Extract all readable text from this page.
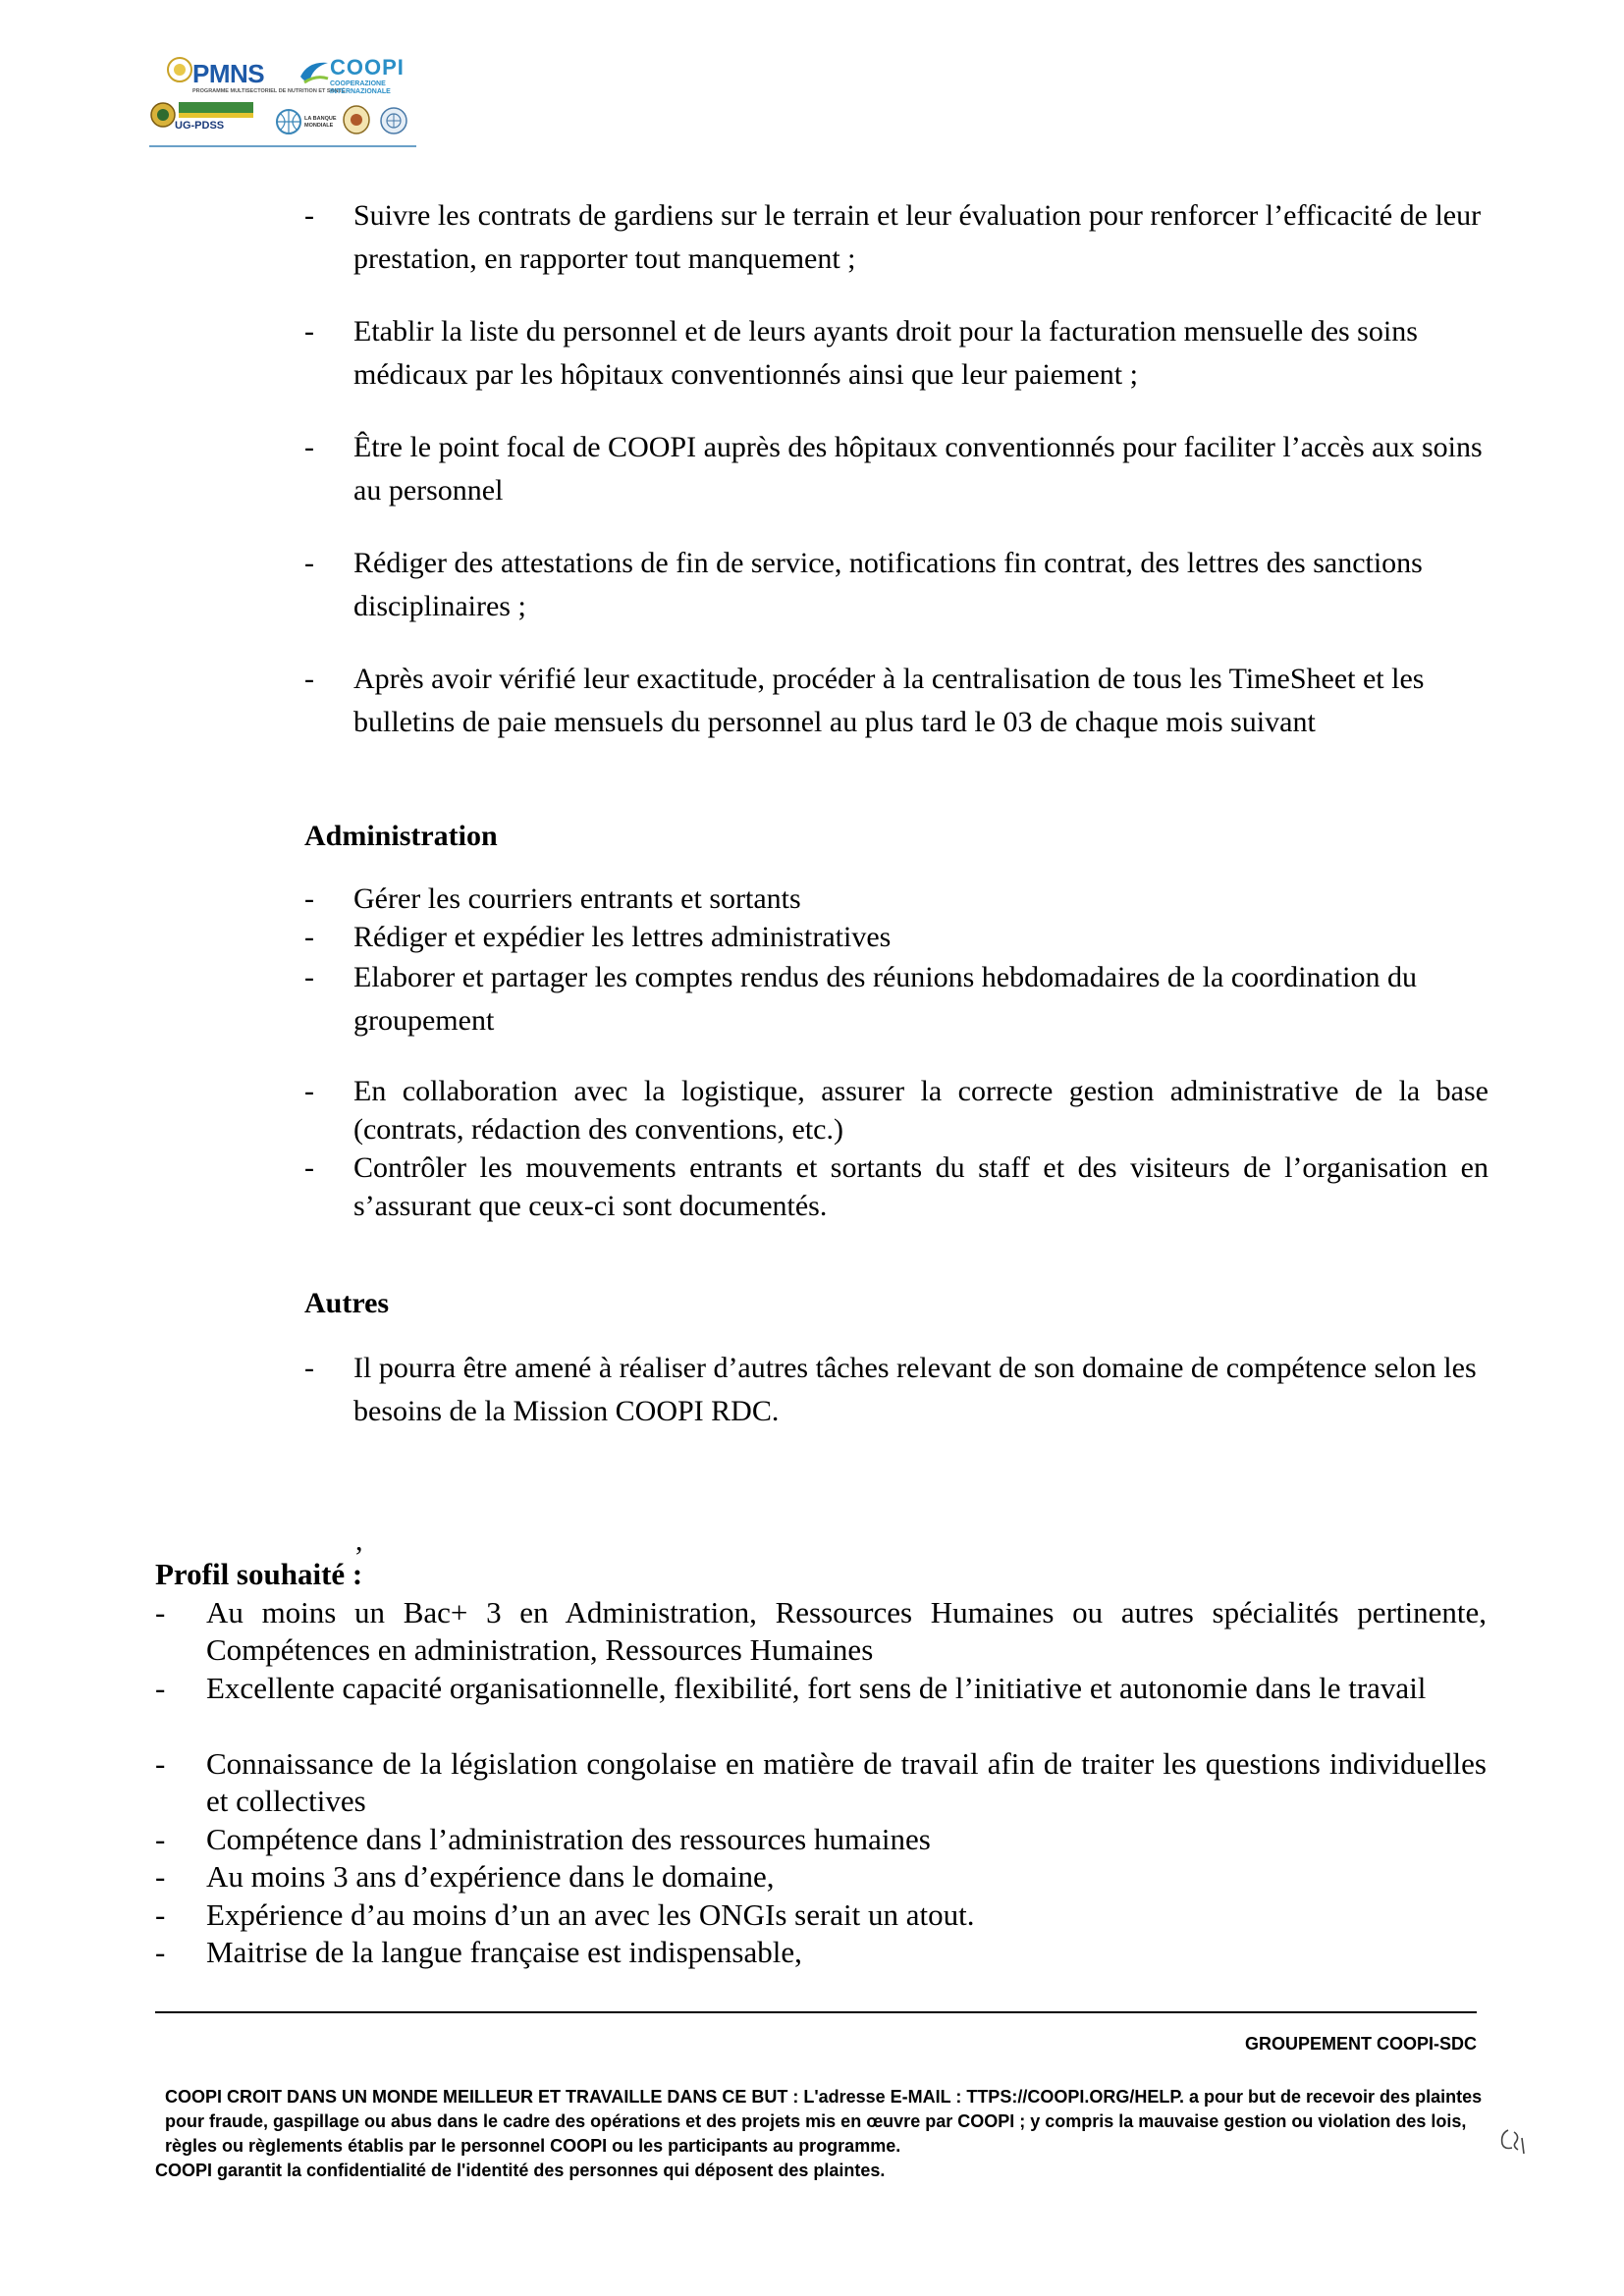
PMNS
PROGRAMME MULTISECTORIEL DE NUTRITION ET SANTÉ
COOPI
COOPERAZIONE
INTERNAZIONALE
UG-PDSS
LA BANQUE
MONDIALE
-	Suivre les contrats de gardiens sur le terrain et leur évaluation pour renforcer l’efficacité de leur prestation, en rapporter tout manquement ;
-	Etablir la liste du personnel et de leurs ayants droit pour la facturation mensuelle des soins médicaux par les hôpitaux conventionnés ainsi que leur paiement ;
-	Être le point focal de COOPI auprès des hôpitaux conventionnés pour faciliter l’accès aux soins au personnel
-	Rédiger des attestations de fin de service, notifications fin contrat, des lettres des sanctions disciplinaires ;
-	Après avoir vérifié leur exactitude, procéder à la centralisation de tous les TimeSheet et les bulletins de paie mensuels du personnel au plus tard le 03 de chaque mois suivant
Administration
-	Gérer les courriers entrants et sortants
-	Rédiger et expédier les lettres administratives
-	Elaborer et partager les comptes rendus des réunions hebdomadaires de la coordination du groupement
-	En collaboration avec la logistique, assurer la correcte gestion administrative de la base (contrats, rédaction des conventions, etc.)
-	Contrôler les mouvements entrants et sortants du staff et des visiteurs de l’organisation en s’assurant que ceux-ci sont documentés.
Autres
-	Il pourra être amené à réaliser d’autres tâches relevant de son domaine de compétence selon les besoins de la Mission COOPI RDC.
,
Profil souhaité :
- Au moins un Bac+ 3 en Administration, Ressources Humaines ou autres spécialités pertinente, Compétences en administration, Ressources Humaines
- Excellente capacité organisationnelle, flexibilité, fort sens de l’initiative et autonomie dans le travail
- Connaissance de la législation congolaise en matière de travail afin de traiter les questions individuelles et collectives
- Compétence dans l’administration des ressources humaines
- Au moins 3 ans d’expérience dans le domaine,
- Expérience d’au moins d’un an avec les ONGIs serait un atout.
- Maitrise de la langue française est indispensable,
GROUPEMENT COOPI-SDC
COOPI CROIT DANS UN MONDE MEILLEUR ET TRAVAILLE DANS CE BUT : L'adresse E-MAIL : TTPS://COOPI.ORG/HELP. a pour but de recevoir des plaintes pour fraude, gaspillage ou abus dans le cadre des opérations et des projets mis en œuvre par COOPI ; y compris la mauvaise gestion ou violation des lois, règles ou règlements établis par le personnel COOPI ou les participants au programme.
COOPI garantit la confidentialité de l'identité des personnes qui déposent des plaintes.
